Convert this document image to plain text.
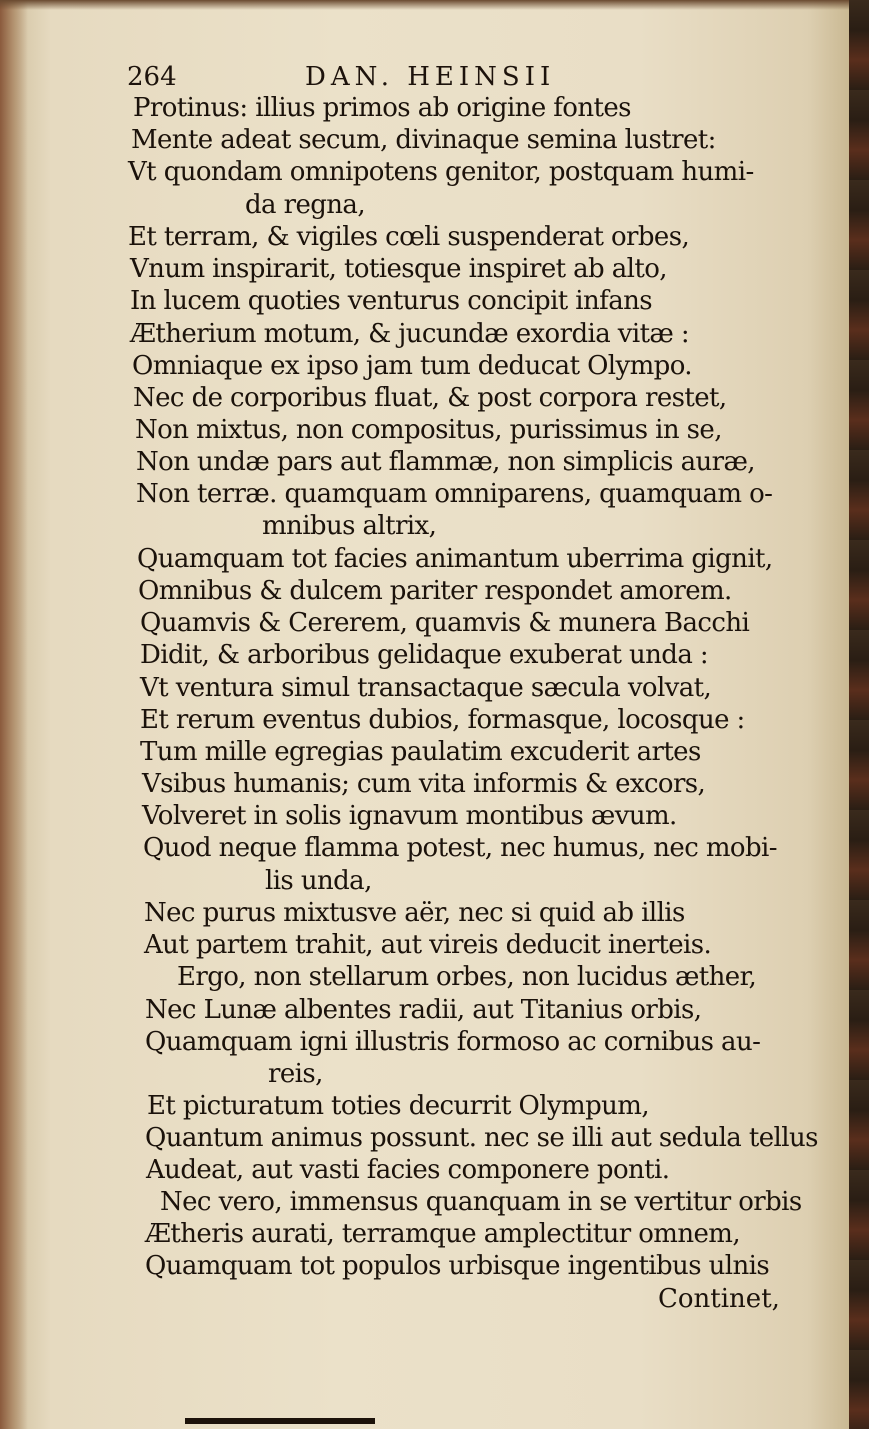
264	DAN. HEINSII
Protinus: illius primos ab origine fontes
Mente adeat secum, divinaque semina lustret:
Vt quondam omnipotens genitor, postquam humi-
da regna,
Et terram, & vigiles cœli suspenderat orbes,
Vnum inspirarit, totiesque inspiret ab alto,
In lucem quoties venturus concipit infans
Ætherium motum, & jucundæ exordia vitæ :
Omniaque ex ipso jam tum deducat Olympo.
Nec de corporibus fluat, & post corpora restet,
Non mixtus, non compositus, purissimus in se,
Non undæ pars aut flammæ, non simplicis auræ,
Non terræ. quamquam omniparens, quamquam o-
mnibus altrix,
Quamquam tot facies animantum uberrima gignit,
Omnibus & dulcem pariter respondet amorem.
Quamvis & Cererem, quamvis & munera Bacchi
Didit, & arboribus gelidaque exuberat unda :
Vt ventura simul transactaque sæcula volvat,
Et rerum eventus dubios, formasque, locosque :
Tum mille egregias paulatim excuderit artes
Vsibus humanis; cum vita informis & excors,
Volveret in solis ignavum montibus ævum.
Quod neque flamma potest, nec humus, nec mobi-
lis unda,
Nec purus mixtusve aër, nec si quid ab illis
Aut partem trahit, aut vireis deducit inerteis.
Ergo, non stellarum orbes, non lucidus æther,
Nec Lunæ albentes radii, aut Titanius orbis,
Quamquam igni illustris formoso ac cornibus au-
reis,
Et picturatum toties decurrit Olympum,
Quantum animus possunt. nec se illi aut sedula tellus
Audeat, aut vasti facies componere ponti.
Nec vero, immensus quanquam in se vertitur orbis
Ætheris aurati, terramque amplectitur omnem,
Quamquam tot populos urbisque ingentibus ulnis
Continet,
